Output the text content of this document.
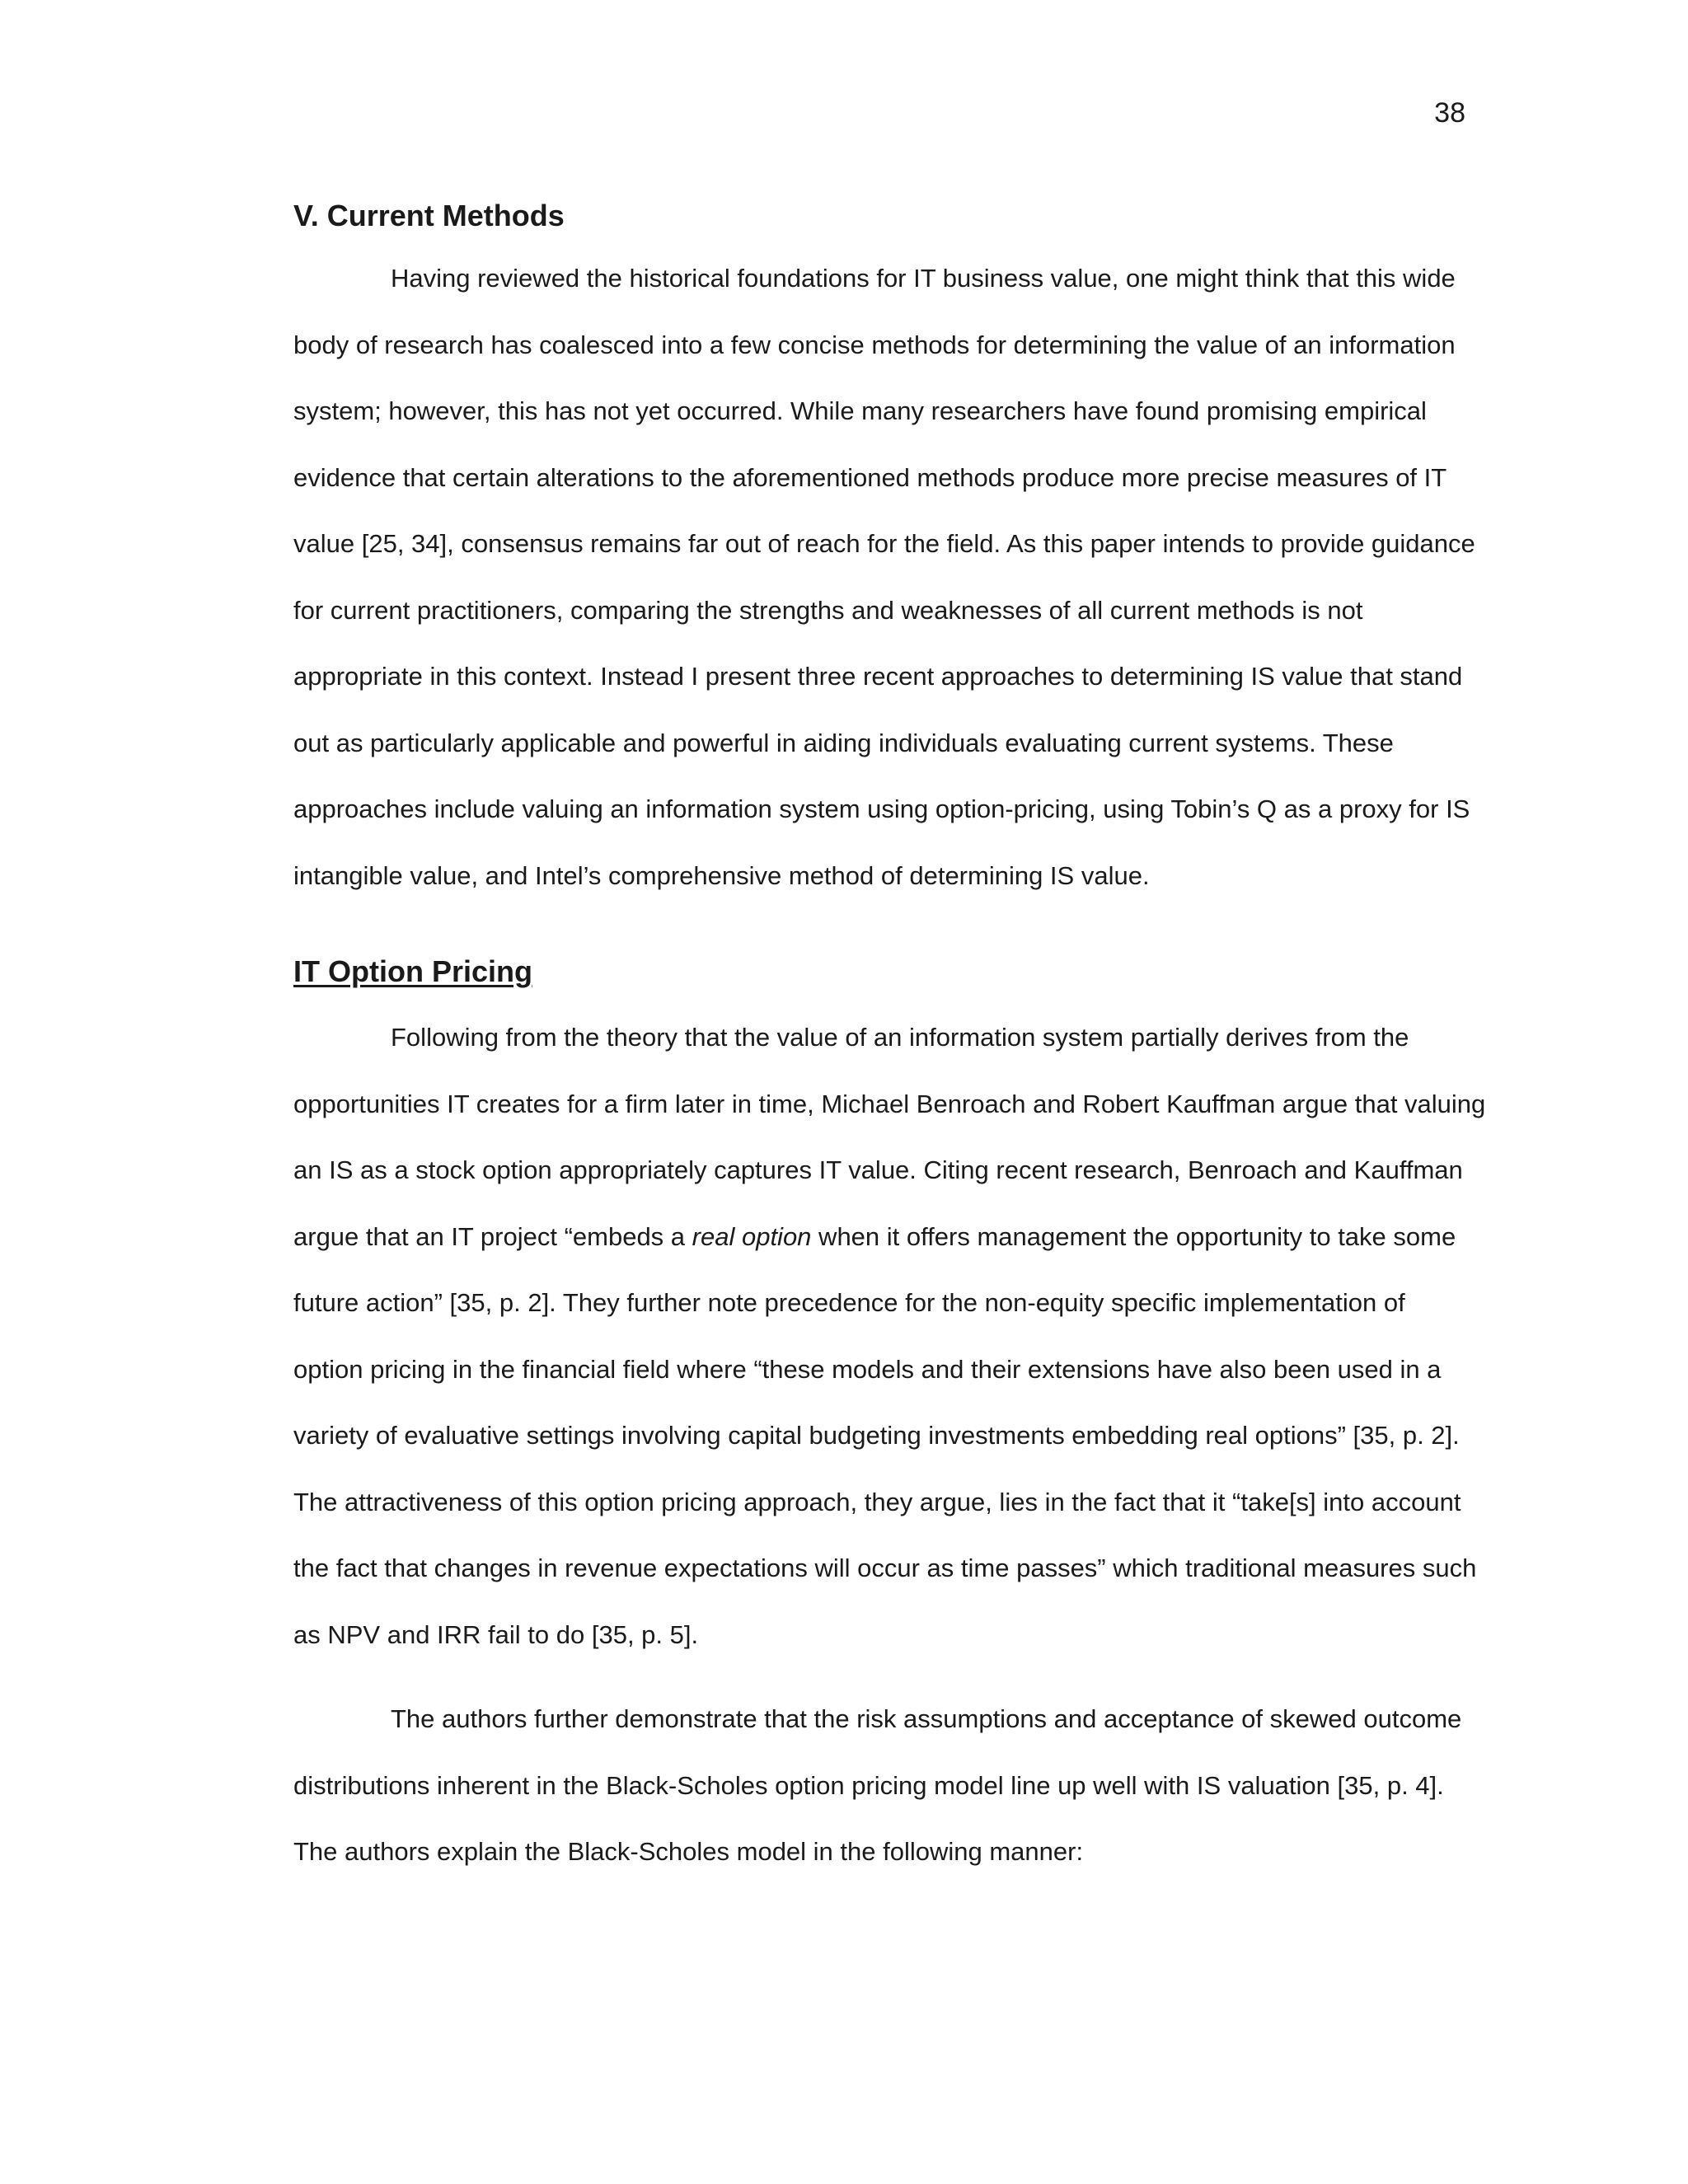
38
V. Current Methods

Having reviewed the historical foundations for IT business value, one might think that this wide
body of research has coalesced into a few concise methods for determining the value of an information
system; however, this has not yet occurred. While many researchers have found promising empirical
evidence that certain alterations to the aforementioned methods produce more precise measures of IT
value [25, 34], consensus remains far out of reach for the field. As this paper intends to provide guidance
for current practitioners, comparing the strengths and weaknesses of all current methods is not
appropriate in this context. Instead I present three recent approaches to determining IS value that stand
out as particularly applicable and powerful in aiding individuals evaluating current systems. These
approaches include valuing an information system using option-pricing, using Tobin’s Q as a proxy for IS
intangible value, and Intel’s comprehensive method of determining IS value.

IT Option Pricing

Following from the theory that the value of an information system partially derives from the
opportunities IT creates for a firm later in time, Michael Benroach and Robert Kauffman argue that valuing
an IS as a stock option appropriately captures IT value. Citing recent research, Benroach and Kauffman
argue that an IT project “embeds a real option when it offers management the opportunity to take some
future action” [35, p. 2]. They further note precedence for the non-equity specific implementation of
option pricing in the financial field where “these models and their extensions have also been used in a
variety of evaluative settings involving capital budgeting investments embedding real options” [35, p. 2].
The attractiveness of this option pricing approach, they argue, lies in the fact that it “take[s] into account
the fact that changes in revenue expectations will occur as time passes” which traditional measures such
as NPV and IRR fail to do [35, p. 5].

The authors further demonstrate that the risk assumptions and acceptance of skewed outcome
distributions inherent in the Black-Scholes option pricing model line up well with IS valuation [35, p. 4].
The authors explain the Black-Scholes model in the following manner:
